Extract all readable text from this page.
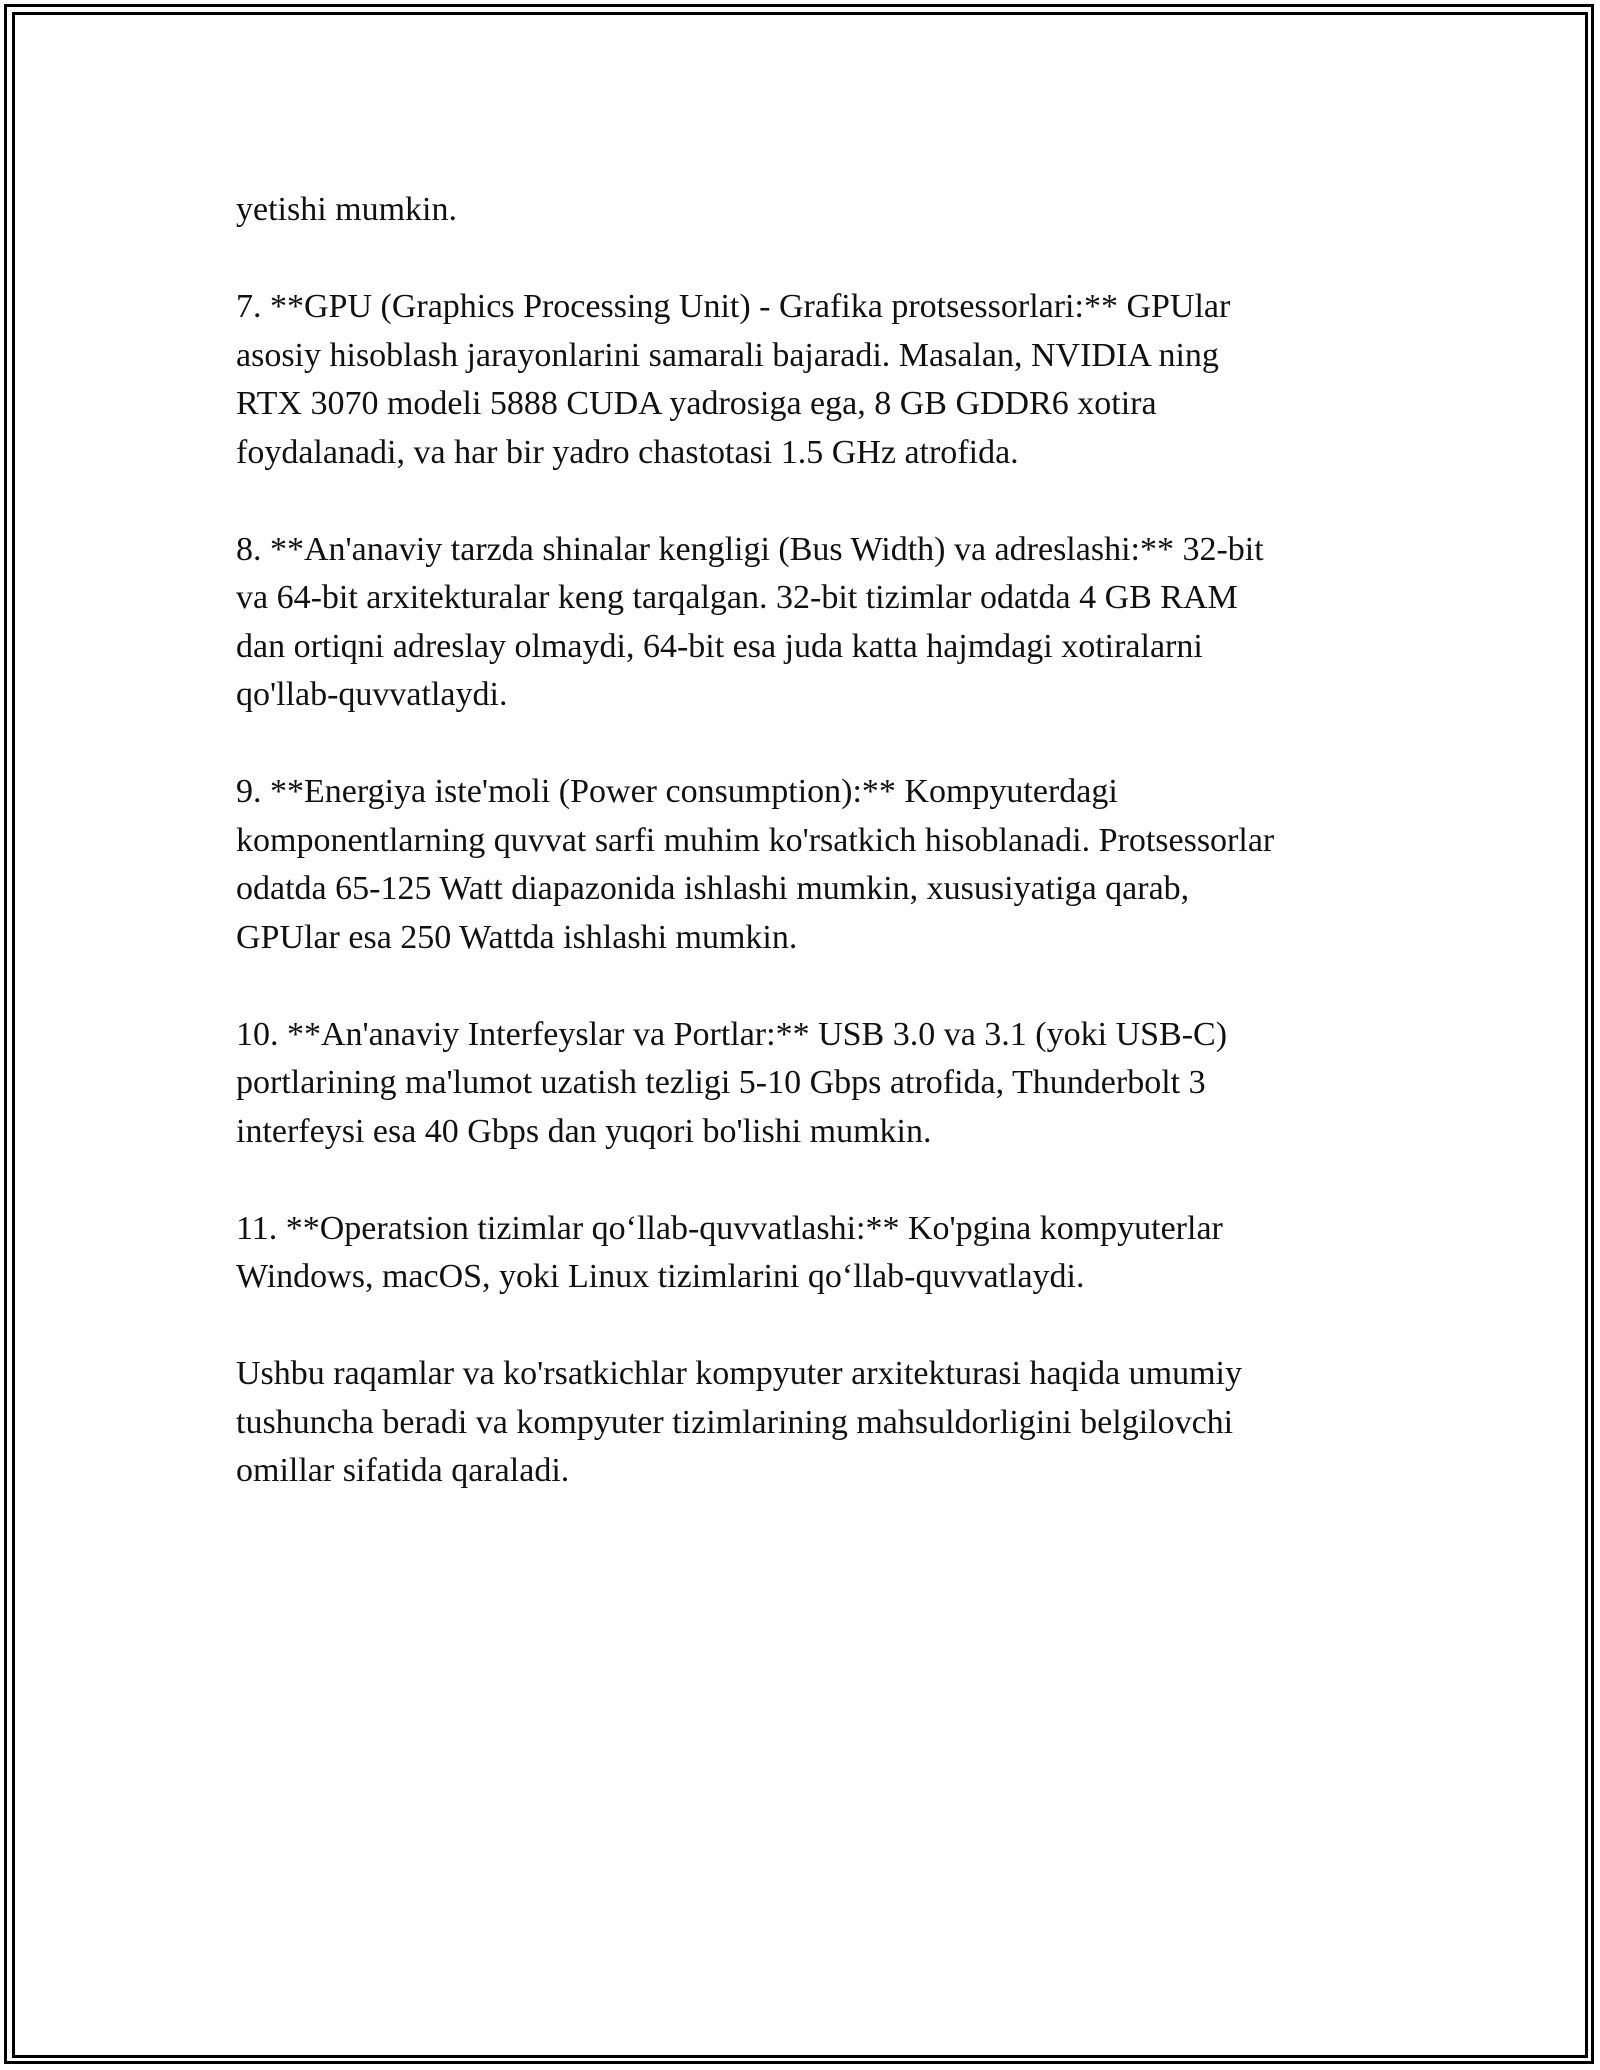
yetishi mumkin.

7. **GPU (Graphics Processing Unit) - Grafika protsessorlari:** GPUlar
asosiy hisoblash jarayonlarini samarali bajaradi. Masalan, NVIDIA ning
RTX 3070 modeli 5888 CUDA yadrosiga ega, 8 GB GDDR6 xotira
foydalanadi, va har bir yadro chastotasi 1.5 GHz atrofida.

8. **An'anaviy tarzda shinalar kengligi (Bus Width) va adreslashi:** 32-bit
va 64-bit arxitekturalar keng tarqalgan. 32-bit tizimlar odatda 4 GB RAM
dan ortiqni adreslay olmaydi, 64-bit esa juda katta hajmdagi xotiralarni
qo'llab-quvvatlaydi.

9. **Energiya iste'moli (Power consumption):** Kompyuterdagi
komponentlarning quvvat sarfi muhim ko'rsatkich hisoblanadi. Protsessorlar
odatda 65-125 Watt diapazonida ishlashi mumkin, xususiyatiga qarab,
GPUlar esa 250 Wattda ishlashi mumkin.

10. **An'anaviy Interfeyslar va Portlar:** USB 3.0 va 3.1 (yoki USB-C)
portlarining ma'lumot uzatish tezligi 5-10 Gbps atrofida, Thunderbolt 3
interfeysi esa 40 Gbps dan yuqori bo'lishi mumkin.

11. **Operatsion tizimlar qo‘llab-quvvatlashi:** Ko'pgina kompyuterlar
Windows, macOS, yoki Linux tizimlarini qo‘llab-quvvatlaydi.

Ushbu raqamlar va ko'rsatkichlar kompyuter arxitekturasi haqida umumiy
tushuncha beradi va kompyuter tizimlarining mahsuldorligini belgilovchi
omillar sifatida qaraladi.
